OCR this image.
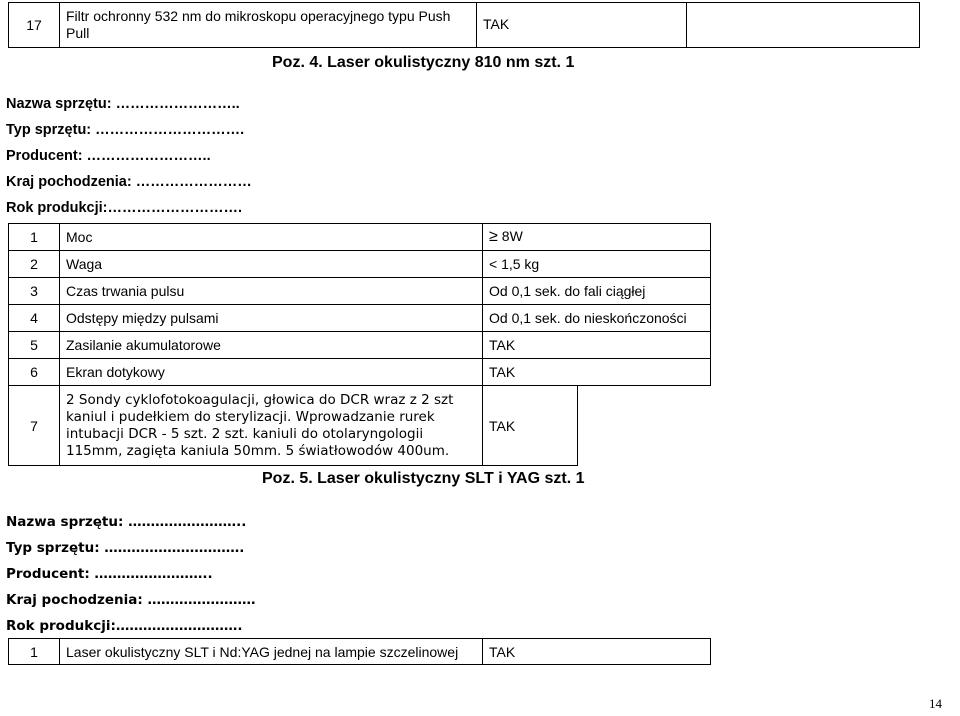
17	Filtr ochronny 532 nm do mikroskopu operacyjnego typu Push Pull	TAK	
Poz. 4. Laser okulistyczny 810 nm szt. 1
Nazwa sprzętu: ……………………..
Typ sprzętu: ………………………….
Producent: ……………………..
Kraj pochodzenia: ……………………
Rok produkcji:……………………….
1	Moc	≥ 8W
2	Waga	< 1,5 kg
3	Czas trwania pulsu	Od 0,1 sek. do fali ciągłej
4	Odstępy między pulsami	Od 0,1 sek. do nieskończoności
5	Zasilanie akumulatorowe	TAK
6	Ekran dotykowy	TAK
7	2 Sondy cyklofotokoagulacji, głowica do DCR wraz z 2 szt kaniul i pudełkiem do sterylizacji. Wprowadzanie rurek intubacji DCR - 5 szt. 2 szt. kaniuli do otolaryngologii 115mm, zagięta kaniula 50mm. 5 światłowodów 400um.	TAK
Poz. 5. Laser okulistyczny SLT i YAG szt. 1
Nazwa sprzętu: ……………………..
Typ sprzętu: ………………………….
Producent: ……………………..
Kraj pochodzenia: ……………………
Rok produkcji:……………………….
1	Laser okulistyczny SLT i Nd:YAG jednej na lampie szczelinowej	TAK
14
